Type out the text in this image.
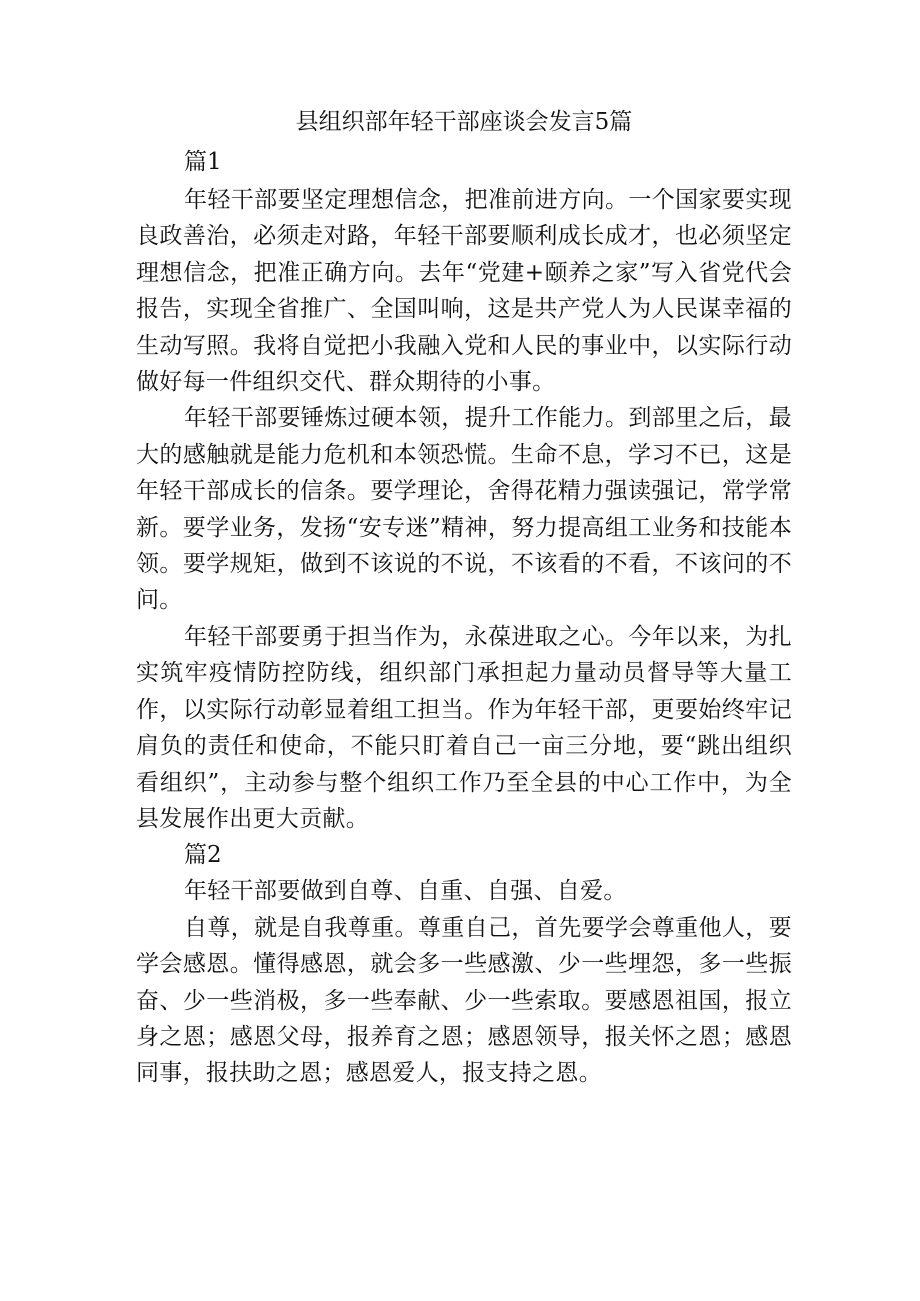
县组织部年轻干部座谈会发言5篇

篇1

年轻干部要坚定理想信念，把准前进方向。一个国家要实现良政善治，必须走对路，年轻干部要顺利成长成才，也必须坚定理想信念，把准正确方向。去年“党建+颐养之家”写入省党代会报告，实现全省推广、全国叫响，这是共产党人为人民谋幸福的生动写照。我将自觉把小我融入党和人民的事业中，以实际行动做好每一件组织交代、群众期待的小事。

年轻干部要锤炼过硬本领，提升工作能力。到部里之后，最大的感触就是能力危机和本领恐慌。生命不息，学习不已，这是年轻干部成长的信条。要学理论，舍得花精力强读强记，常学常新。要学业务，发扬“安专迷”精神，努力提高组工业务和技能本领。要学规矩，做到不该说的不说，不该看的不看，不该问的不问。

年轻干部要勇于担当作为，永葆进取之心。今年以来，为扎实筑牢疫情防控防线，组织部门承担起力量动员督导等大量工作，以实际行动彰显着组工担当。作为年轻干部，更要始终牢记肩负的责任和使命，不能只盯着自己一亩三分地，要“跳出组织看组织”，主动参与整个组织工作乃至全县的中心工作中，为全县发展作出更大贡献。

篇2

年轻干部要做到自尊、自重、自强、自爱。

自尊，就是自我尊重。尊重自己，首先要学会尊重他人，要学会感恩。懂得感恩，就会多一些感激、少一些埋怨，多一些振奋、少一些消极，多一些奉献、少一些索取。要感恩祖国，报立身之恩；感恩父母，报养育之恩；感恩领导，报关怀之恩；感恩同事，报扶助之恩；感恩爱人，报支持之恩。
